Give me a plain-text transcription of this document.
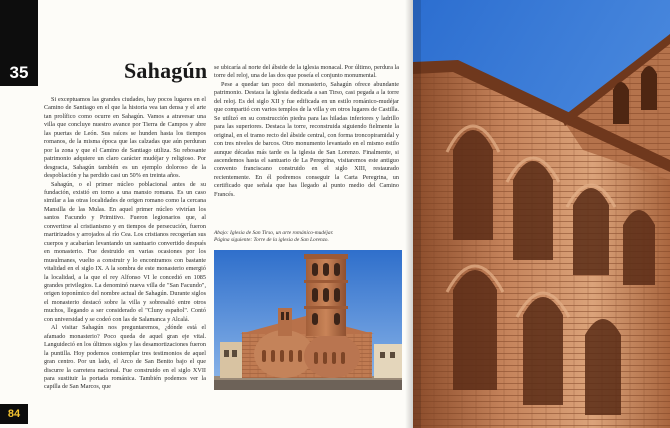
35	Sahagún

Si exceptuamos las grandes ciudades, hay pocos lugares en el Camino de Santiago en el que la historia vea tan densa y el arte tan prolífico como ocurre en Sahagún. Vamos a atravesar una villa que concluye nuestro avance por Tierra de Campos y abre las puertas de León. Sus raíces se hunden hasta los tiempos romanos, de la misma época que las calzadas que aún perduran por la zona y que el Camino de Santiago utiliza. Su rebosante patrimonio adquiere un claro carácter mudéjar y religioso. Por desgracia, Sahagún también es un ejemplo doloroso de la despoblación y ha perdido casi un 50% en treinta años.

Sahagún, o el primer núcleo poblacional antes de su fundación, existió en torno a una mansio romana. Es un caso similar a las otras localidades de origen romano como la cercana Mansilla de las Mulas. En aquel primer núcleo vivirían los santos Facundo y Primitivo. Fueron legionarios que, al convertirse al cristianismo y en tiempos de persecución, fueron martirizados y arrojados al río Cea. Los cristianos recogerían sus cuerpos y acabarían levantando un santuario convertido después en monasterio. Fue destruido en varias ocasiones por los musulmanes, vuelto a construir y lo encontramos con bastante vitalidad en el siglo IX. A la sombra de este monasterio emergió la localidad, a la que el rey Alfonso VI le concedió en 1085 grandes privilegios. La denominó nueva villa de "San Facundo", origen toponímico del nombre actual de Sahagún. Durante siglos el monasterio destacó sobre la villa y sobresalió entre otros muchos, llegando a ser considerado el "Cluny español". Contó con universidad y se codeó con las de Salamanca y Alcalá.

Al visitar Sahagún nos preguntaremos, ¿dónde está el afamado monasterio? Poco queda de aquel gran eje vital. Languideció en los últimos siglos y las desamortizaciones fueron la puntilla. Hoy podemos contemplar tres testimonios de aquel gran centro. Por un lado, el Arco de San Benito bajo el que discurre la carretera nacional. Fue construido en el siglo XVII para sustituir la portada románica. También podemos ver la capilla de San Marcos, que

se ubicaría al norte del ábside de la iglesia monacal. Por último, perdura la torre del reloj, una de las dos que poseía el conjunto monumental.

Pese a quedar tan poco del monasterio, Sahagún ofrece abundante patrimonio. Destaca la iglesia dedicada a san Tirso, casi pegada a la torre del reloj. Es del siglo XII y fue edificada en un estilo románico-mudéjar que compartió con varios templos de la villa y en otros lugares de Castilla. Se utilizó en su construcción piedra para las hiladas inferiores y ladrillo para las superiores. Destaca la torre, reconstruida siguiendo fielmente la original, en el tramo recto del ábside central, con forma troncopiramidal y con tres niveles de barcos. Otro monumento levantado en el mismo estilo aunque décadas más tarde es la iglesia de San Lorenzo. Finalmente, si ascendemos hasta el santuario de La Peregrina, visitaremos este antiguo convento franciscano construido en el siglo XIII, restaurado recientemente. En él podremos conseguir la Carta Peregrina, un certificado que señala que has llegado al punto medio del Camino Francés.

Abajo: Iglesia de San Tirso, un arte románico-mudéjar.
Página siguiente: Torre de la iglesia de San Lorenzo.
84
